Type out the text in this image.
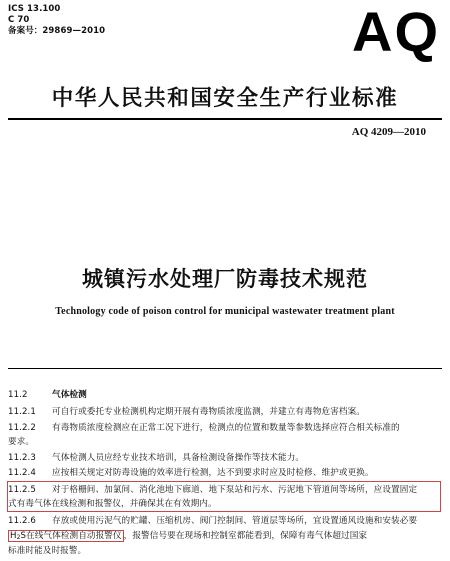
ICS 13.100
C 70
备案号：29869—2010	AQ
中华人民共和国安全生产行业标准
AQ 4209—2010
城镇污水处理厂防毒技术规范
Technology code of poison control for municipal wastewater treatment plant
11.2	气体检测
11.2.1 可自行或委托专业检测机构定期开展有毒物质浓度监测，并建立有毒物危害档案。
11.2.2 有毒物质浓度检测应在正常工况下进行，检测点的位置和数量等参数选择应符合相关标准的
要求。
11.2.3 气体检测人员应经专业技术培训，具备检测设备操作等技术能力。
11.2.4 应按相关规定对防毒设施的效率进行检测，达不到要求时应及时检修、维护或更换。
11.2.5 对于格栅间、加氯间、消化池地下廊道、地下泵站和污水、污泥地下管道间等场所，应设置固定
式有毒气体在线检测和报警仪，并确保其在有效期内。
11.2.6 存放或使用污泥气的贮罐、压缩机房、阀门控制间、管道层等场所，宜设置通风设施和安装必要
$H_2S$在线气体检测自动报警仪 ，报警信号要在现场和控制室都能看到，保障有毒气体超过国家
标准时能及时报警。
